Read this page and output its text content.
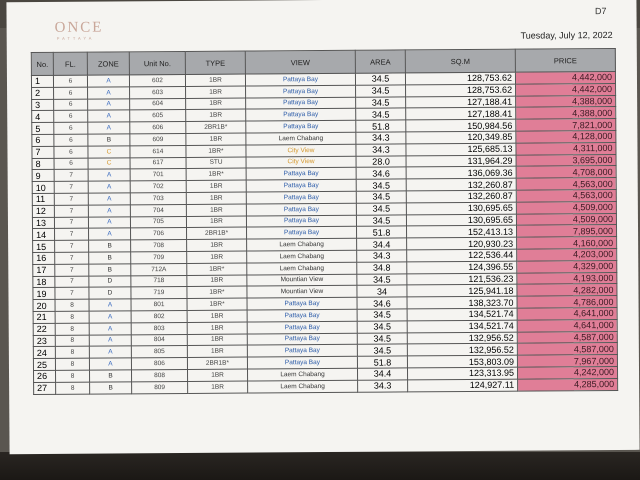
ONCE
PATTAYA
D7
Tuesday, July 12, 2022
No.	FL.	ZONE	Unit No.	TYPE	VIEW	AREA	SQ.M	PRICE
1	6	A	602	1BR	Pattaya Bay	34.5	128,753.62	4,442,000
2	6	A	603	1BR	Pattaya Bay	34.5	128,753.62	4,442,000
3	6	A	604	1BR	Pattaya Bay	34.5	127,188.41	4,388,000
4	6	A	605	1BR	Pattaya Bay	34.5	127,188.41	4,388,000
5	6	A	606	2BR1B*	Pattaya Bay	51.8	150,984.56	7,821,000
6	6	B	609	1BR	Laem Chabang	34.3	120,349.85	4,128,000
7	6	C	614	1BR*	City View	34.3	125,685.13	4,311,000
8	6	C	617	STU	City View	28.0	131,964.29	3,695,000
9	7	A	701	1BR*	Pattaya Bay	34.6	136,069.36	4,708,000
10	7	A	702	1BR	Pattaya Bay	34.5	132,260.87	4,563,000
11	7	A	703	1BR	Pattaya Bay	34.5	132,260.87	4,563,000
12	7	A	704	1BR	Pattaya Bay	34.5	130,695.65	4,509,000
13	7	A	705	1BR	Pattaya Bay	34.5	130,695.65	4,509,000
14	7	A	706	2BR1B*	Pattaya Bay	51.8	152,413.13	7,895,000
15	7	B	708	1BR	Laem Chabang	34.4	120,930.23	4,160,000
16	7	B	709	1BR	Laem Chabang	34.3	122,536.44	4,203,000
17	7	B	712A	1BR*	Laem Chabang	34.8	124,396.55	4,329,000
18	7	D	718	1BR	Mountian View	34.5	121,536.23	4,193,000
19	7	D	719	1BR*	Mountian View	34	125,941.18	4,282,000
20	8	A	801	1BR*	Pattaya Bay	34.6	138,323.70	4,786,000
21	8	A	802	1BR	Pattaya Bay	34.5	134,521.74	4,641,000
22	8	A	803	1BR	Pattaya Bay	34.5	134,521.74	4,641,000
23	8	A	804	1BR	Pattaya Bay	34.5	132,956.52	4,587,000
24	8	A	805	1BR	Pattaya Bay	34.5	132,956.52	4,587,000
25	8	A	806	2BR1B*	Pattaya Bay	51.8	153,803.09	7,967,000
26	8	B	808	1BR	Laem Chabang	34.4	123,313.95	4,242,000
27	8	B	809	1BR	Laem Chabang	34.3	124,927.11	4,285,000
